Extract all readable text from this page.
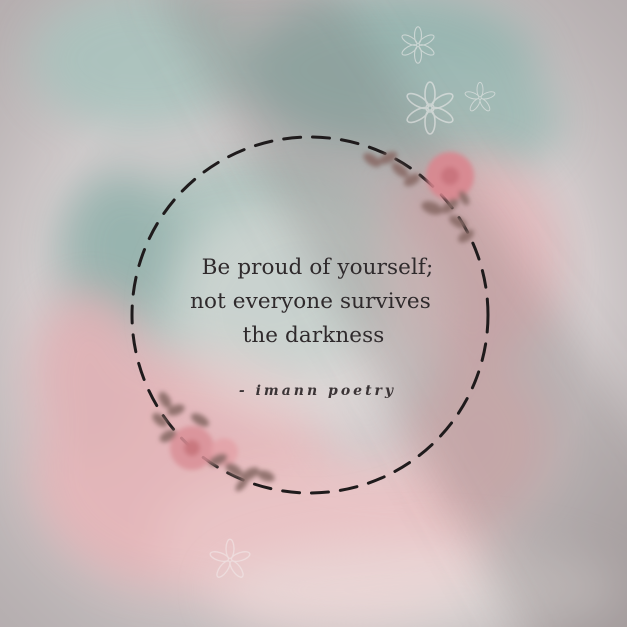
Be proud of yourself;
not everyone survives
the darkness
- imann poetry
